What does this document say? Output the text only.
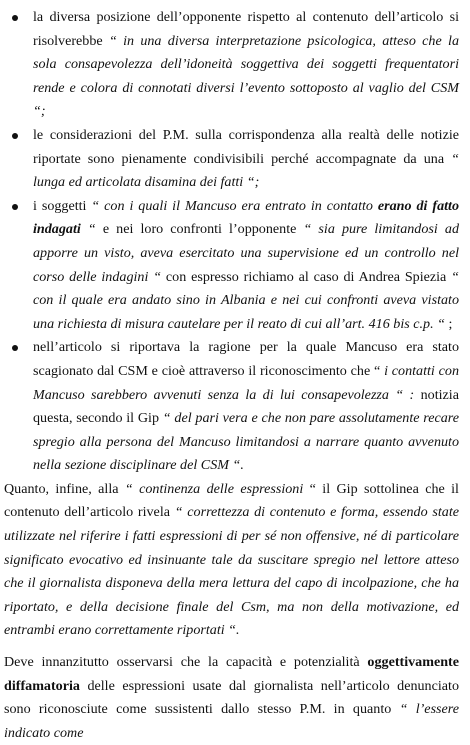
la diversa posizione dell’opponente rispetto al contenuto dell’articolo si risolverebbe “ in una diversa interpretazione psicologica, atteso che la sola consapevolezza dell’idoneità soggettiva dei soggetti frequentatori rende e colora di connotati diversi l’evento sottoposto al vaglio del CSM “;
le considerazioni del P.M. sulla corrispondenza alla realtà delle notizie riportate sono pienamente condivisibili perché accompagnate da una “ lunga ed articolata disamina dei fatti “;
i soggetti “ con i quali il Mancuso era entrato in contatto erano di fatto indagati “ e nei loro confronti l’opponente “ sia pure limitandosi ad apporre un visto, aveva esercitato una supervisione ed un controllo nel corso delle indagini “ con espresso richiamo al caso di Andrea Spiezia “ con il quale era andato sino in Albania e nei cui confronti aveva vistato una richiesta di misura cautelare per il reato di cui all’art. 416 bis c.p. “ ;
nell’articolo si riportava la ragione per la quale Mancuso era stato scagionato dal CSM e cioè attraverso il riconoscimento che “ i contatti con Mancuso sarebbero avvenuti senza la di lui consapevolezza “ : notizia questa, secondo il Gip “ del pari vera e che non pare assolutamente recare spregio alla persona del Mancuso limitandosi a narrare quanto avvenuto nella sezione disciplinare del CSM “.

Quanto, infine, alla “ continenza delle espressioni “ il Gip sottolinea che il contenuto dell’articolo rivela “ correttezza di contenuto e forma, essendo state utilizzate nel riferire i fatti espressioni di per sé non offensive, né di particolare significato evocativo ed insinuante tale da suscitare spregio nel lettore atteso che il giornalista disponeva della mera lettura del capo di incolpazione, che ha riportato, e della decisione finale del Csm, ma non della motivazione, ed entrambi erano correttamente riportati “.

Deve innanzitutto osservarsi che la capacità e potenzialità oggettivamente diffamatoria delle espressioni usate dal giornalista nell’articolo denunciato sono riconosciute come sussistenti dallo stesso P.M. in quanto “ l’essere indicato come
